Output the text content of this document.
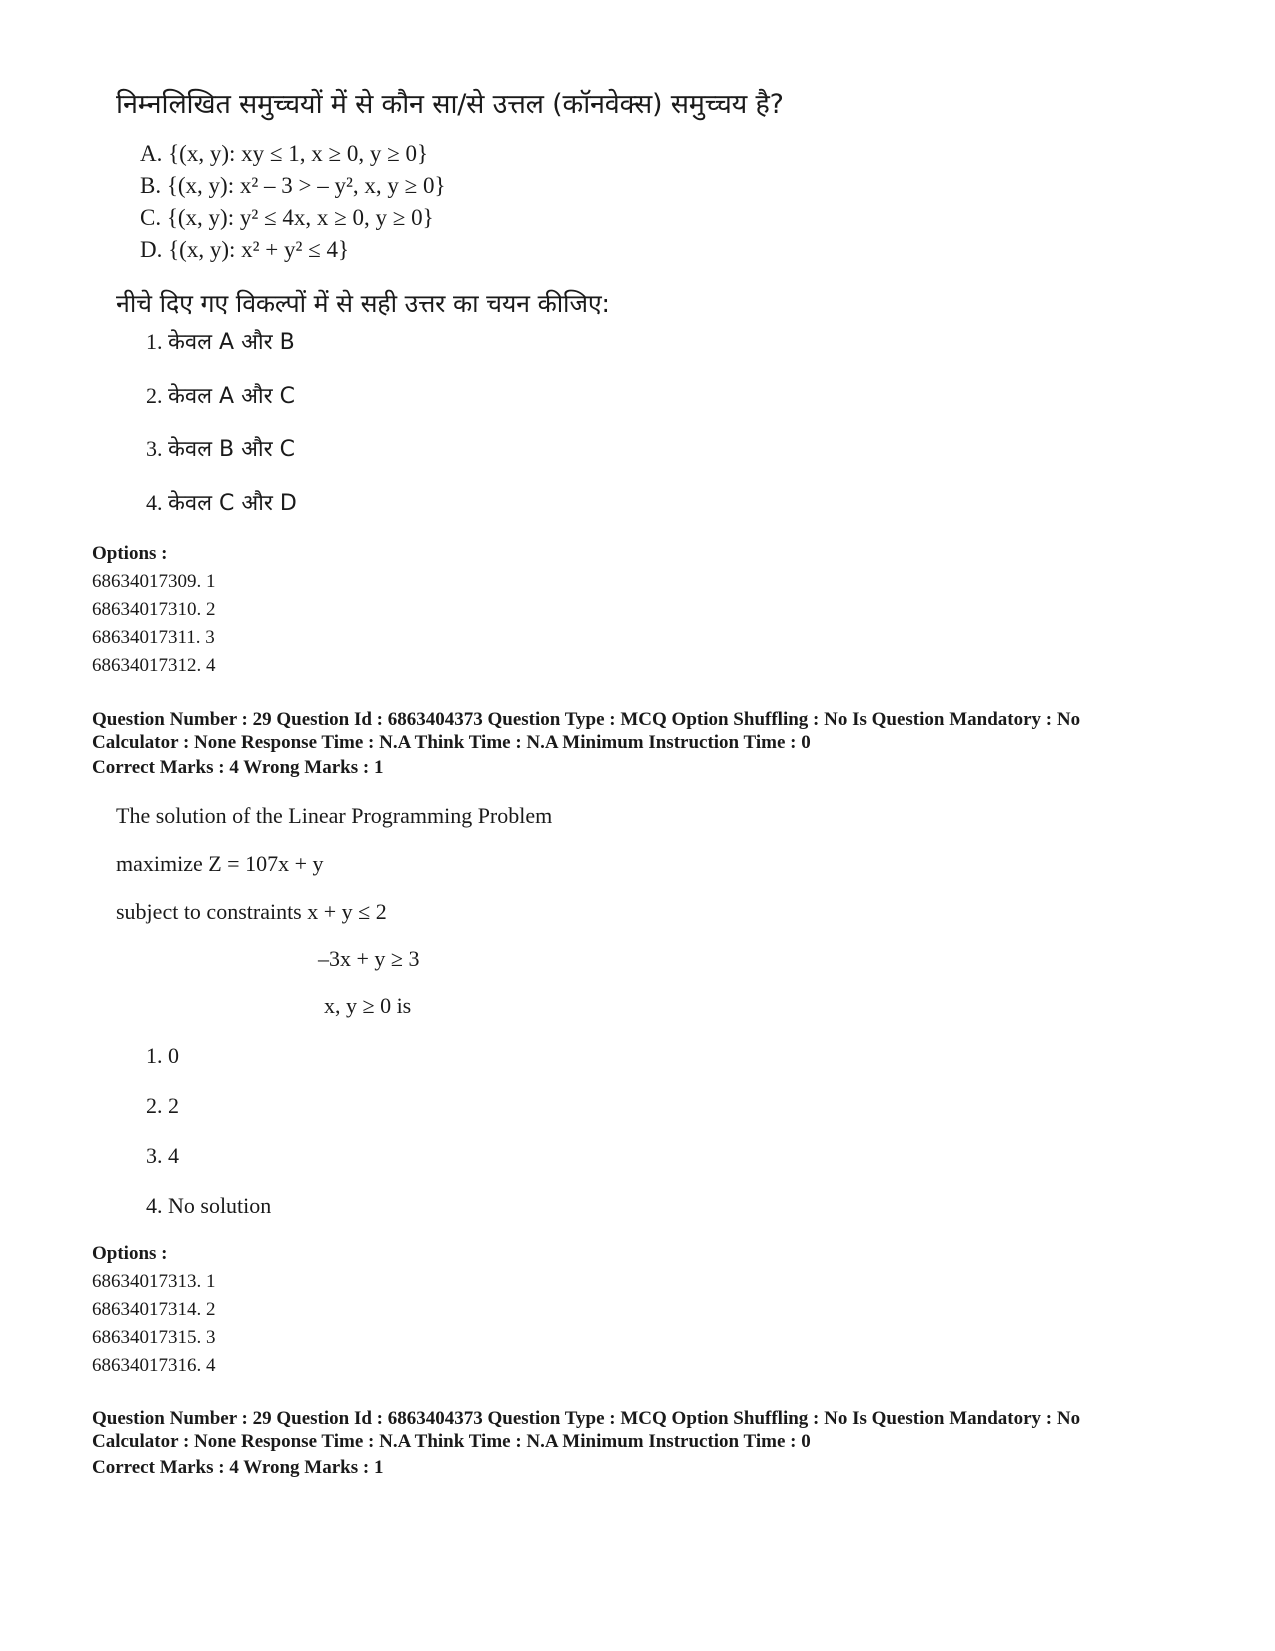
निम्नलिखित समुच्चयों में से कौन सा/से उत्तल (कॉनवेक्स) समुच्चय है?
A. {(x, y): xy ≤ 1, x ≥ 0, y ≥ 0}
B. {(x, y): x² – 3 > – y², x, y ≥ 0}
C. {(x, y): y² ≤ 4x, x ≥ 0, y ≥ 0}
D. {(x, y): x² + y² ≤ 4}
नीचे दिए गए विकल्पों में से सही उत्तर का चयन कीजिए:
1. केवल A और B
2. केवल A और C
3. केवल B और C
4. केवल C और D
Options :
68634017309. 1
68634017310. 2
68634017311. 3
68634017312. 4
Question Number : 29 Question Id : 6863404373 Question Type : MCQ Option Shuffling : No Is Question Mandatory : No
Calculator : None Response Time : N.A Think Time : N.A Minimum Instruction Time : 0
Correct Marks : 4 Wrong Marks : 1
The solution of the Linear Programming Problem
maximize Z = 107x + y
subject to constraints x + y ≤ 2
–3x + y ≥ 3
x, y ≥ 0 is
1. 0
2. 2
3. 4
4. No solution
Options :
68634017313. 1
68634017314. 2
68634017315. 3
68634017316. 4
Question Number : 29 Question Id : 6863404373 Question Type : MCQ Option Shuffling : No Is Question Mandatory : No
Calculator : None Response Time : N.A Think Time : N.A Minimum Instruction Time : 0
Correct Marks : 4 Wrong Marks : 1
